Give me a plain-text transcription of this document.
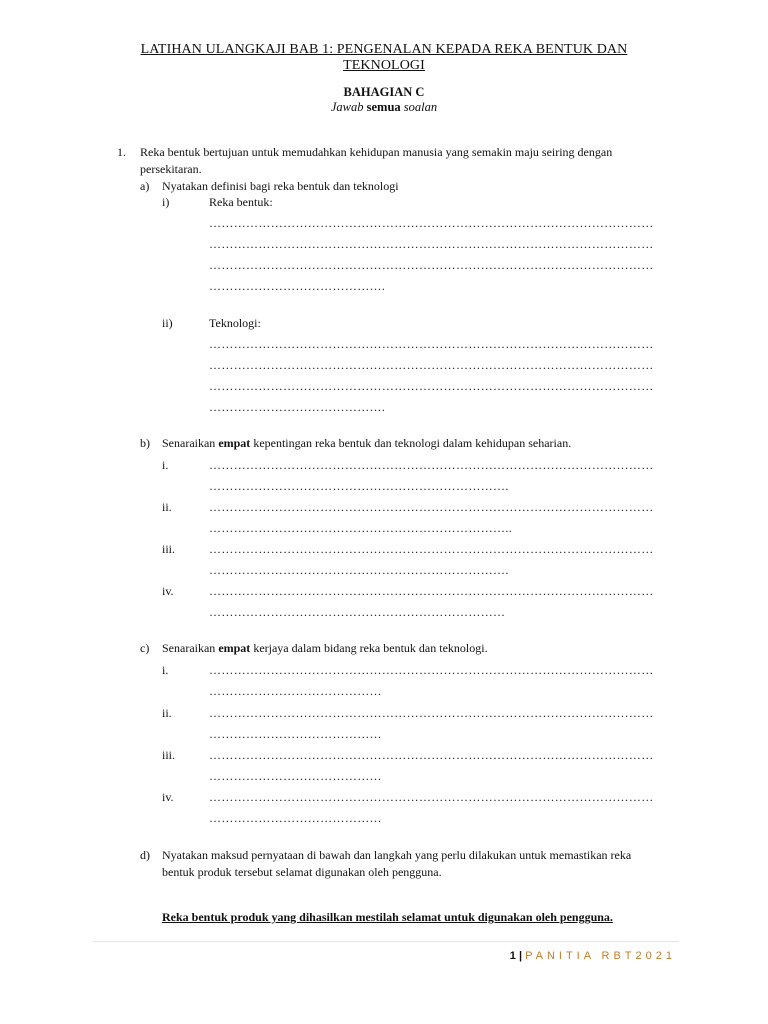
LATIHAN ULANGKAJI BAB 1: PENGENALAN KEPADA REKA BENTUK DAN
TEKNOLOGI
BAHAGIAN C
Jawab semua soalan
1. Reka bentuk bertujuan untuk memudahkan kehidupan manusia yang semakin maju seiring dengan
persekitaran.
a) Nyatakan definisi bagi reka bentuk dan teknologi
i)	Reka bentuk:
………………………………………………………………………………………………
………………………………………………………………………………………………
………………………………………………………………………………………………
…………………………………….
ii)	Teknologi:
………………………………………………………………………………………………
………………………………………………………………………………………………
………………………………………………………………………………………………
…………………………………….
b) Senaraikan empat kepentingan reka bentuk dan teknologi dalam kehidupan seharian.
i.	………………………………………………………………………………………………
……………………………………………………………….
ii.	………………………………………………………………………………………………
………………………………………………………………..
iii.	………………………………………………………………………………………………
……………………………………………………………….
iv.	………………………………………………………………………………………………
………………………………………………………………
c) Senaraikan empat kerjaya dalam bidang reka bentuk dan teknologi.
i.	………………………………………………………………………………………………
……………………………………
ii.	………………………………………………………………………………………………
……………………………………
iii.	………………………………………………………………………………………………
……………………………………
iv.	………………………………………………………………………………………………
……………………………………
d) Nyatakan maksud pernyataan di bawah dan langkah yang perlu dilakukan untuk memastikan reka
bentuk produk tersebut selamat digunakan oleh pengguna.
Reka bentuk produk yang dihasilkan mestilah selamat untuk digunakan oleh pengguna.
1 | PANITIA RBT2021
